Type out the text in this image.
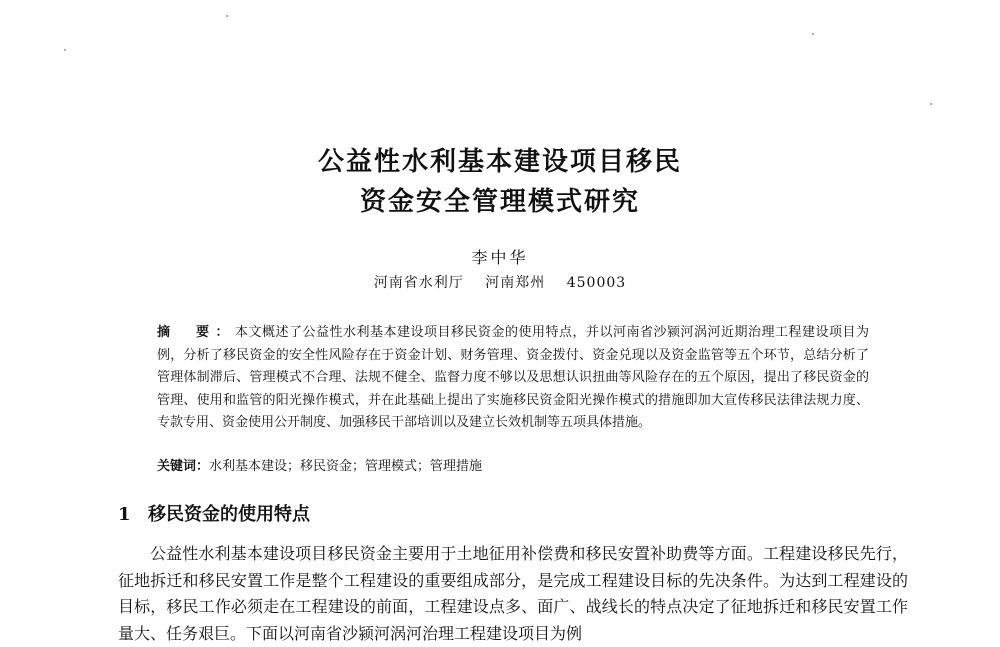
公益性水利基本建设项目移民
资金安全管理模式研究
李中华
河南省水利厅 河南郑州 450003
摘　要：本文概述了公益性水利基本建设项目移民资金的使用特点，并以河南省沙颍河涡河近期治理工程建设项目为例，分析了移民资金的安全性风险存在于资金计划、财务管理、资金拨付、资金兑现以及资金监管等五个环节，总结分析了管理体制滞后、管理模式不合理、法规不健全、监督力度不够以及思想认识扭曲等风险存在的五个原因，提出了移民资金的管理、使用和监管的阳光操作模式，并在此基础上提出了实施移民资金阳光操作模式的措施即加大宣传移民法律法规力度、专款专用、资金使用公开制度、加强移民干部培训以及建立长效机制等五项具体措施。
关键词：水利基本建设；移民资金；管理模式；管理措施
1 移民资金的使用特点
公益性水利基本建设项目移民资金主要用于土地征用补偿费和移民安置补助费等方面。工程建设移民先行，征地拆迁和移民安置工作是整个工程建设的重要组成部分，是完成工程建设目标的先决条件。为达到工程建设的目标，移民工作必须走在工程建设的前面，工程建设点多、面广、战线长的特点决定了征地拆迁和移民安置工作量大、任务艰巨。下面以河南省沙颍河涡河治理工程建设项目为例
